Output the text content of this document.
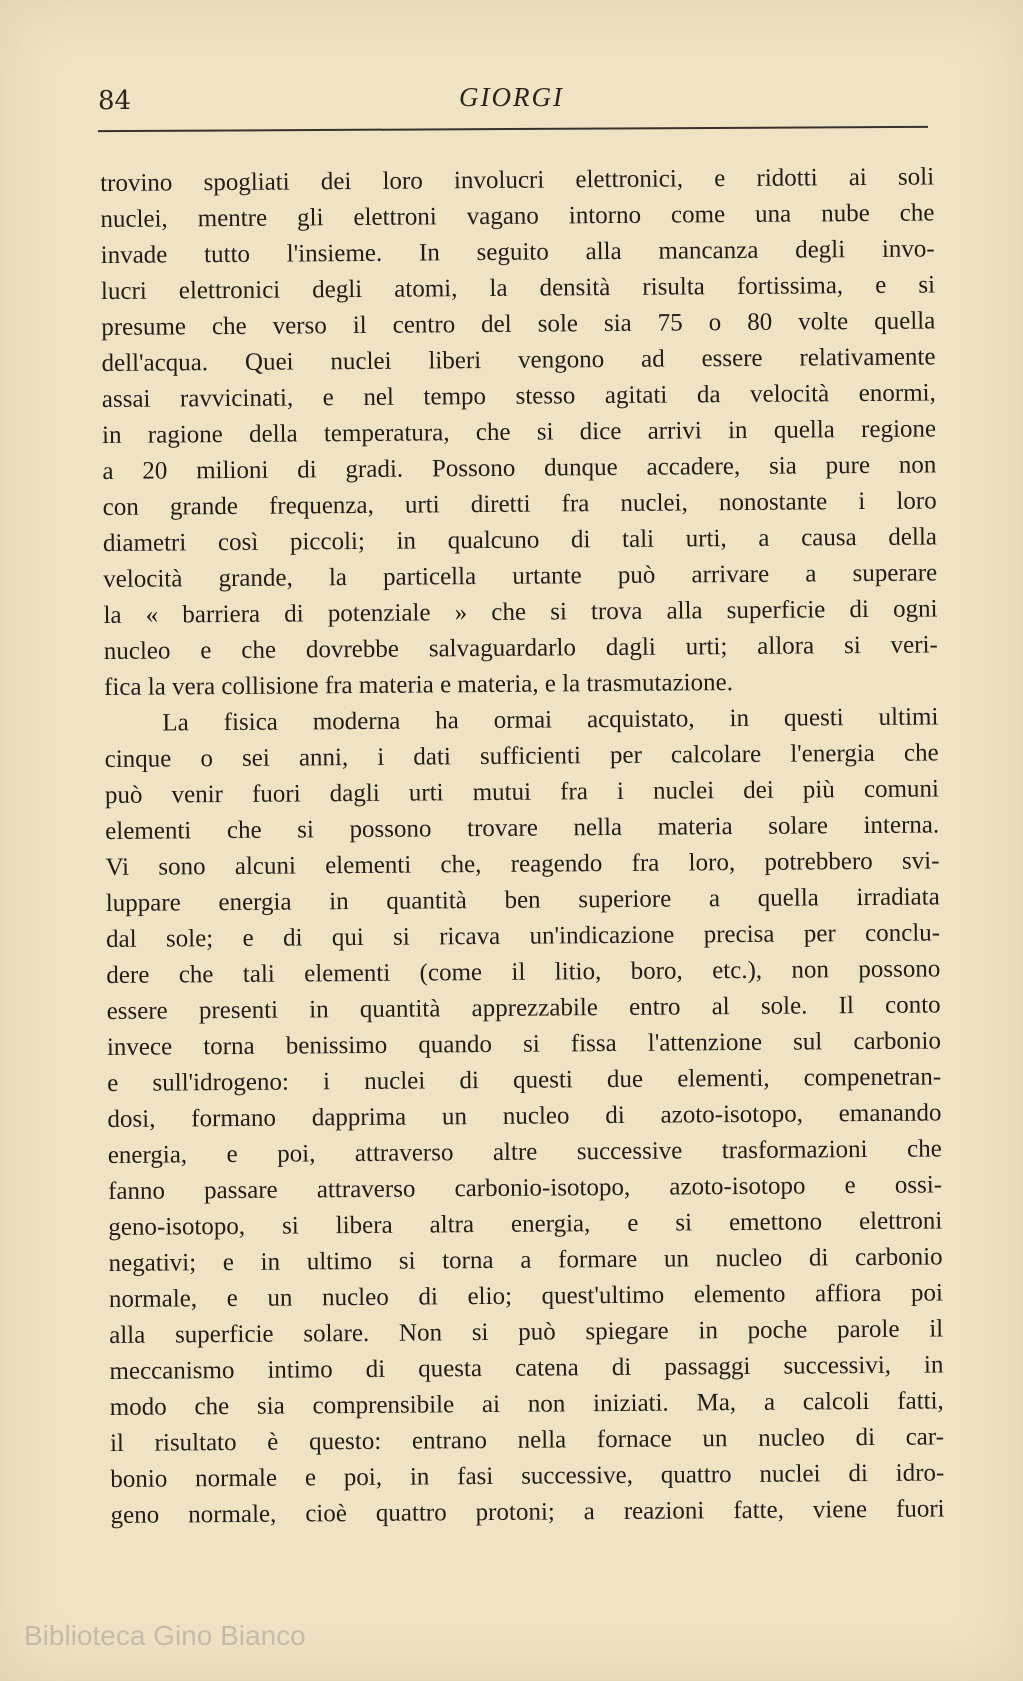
84	GIORGI
trovino spogliati dei loro involucri elettronici, e ridotti ai soli
nuclei, mentre gli elettroni vagano intorno come una nube che
invade tutto l'insieme. In seguito alla mancanza degli invo-
lucri elettronici degli atomi, la densità risulta fortissima, e si
presume che verso il centro del sole sia 75 o 80 volte quella
dell'acqua. Quei nuclei liberi vengono ad essere relativamente
assai ravvicinati, e nel tempo stesso agitati da velocità enormi,
in ragione della temperatura, che si dice arrivi in quella regione
a 20 milioni di gradi. Possono dunque accadere, sia pure non
con grande frequenza, urti diretti fra nuclei, nonostante i loro
diametri così piccoli; in qualcuno di tali urti, a causa della
velocità grande, la particella urtante può arrivare a superare
la « barriera di potenziale » che si trova alla superficie di ogni
nucleo e che dovrebbe salvaguardarlo dagli urti; allora si veri-
fica la vera collisione fra materia e materia, e la trasmutazione.
La fisica moderna ha ormai acquistato, in questi ultimi
cinque o sei anni, i dati sufficienti per calcolare l'energia che
può venir fuori dagli urti mutui fra i nuclei dei più comuni
elementi che si possono trovare nella materia solare interna.
Vi sono alcuni elementi che, reagendo fra loro, potrebbero svi-
luppare energia in quantità ben superiore a quella irradiata
dal sole; e di qui si ricava un'indicazione precisa per conclu-
dere che tali elementi (come il litio, boro, etc.), non possono
essere presenti in quantità apprezzabile entro al sole. Il conto
invece torna benissimo quando si fissa l'attenzione sul carbonio
e sull'idrogeno: i nuclei di questi due elementi, compenetran-
dosi, formano dapprima un nucleo di azoto-isotopo, emanando
energia, e poi, attraverso altre successive trasformazioni che
fanno passare attraverso carbonio-isotopo, azoto-isotopo e ossi-
geno-isotopo, si libera altra energia, e si emettono elettroni
negativi; e in ultimo si torna a formare un nucleo di carbonio
normale, e un nucleo di elio; quest'ultimo elemento affiora poi
alla superficie solare. Non si può spiegare in poche parole il
meccanismo intimo di questa catena di passaggi successivi, in
modo che sia comprensibile ai non iniziati. Ma, a calcoli fatti,
il risultato è questo: entrano nella fornace un nucleo di car-
bonio normale e poi, in fasi successive, quattro nuclei di idro-
geno normale, cioè quattro protoni; a reazioni fatte, viene fuori
Biblioteca Gino Bianco
